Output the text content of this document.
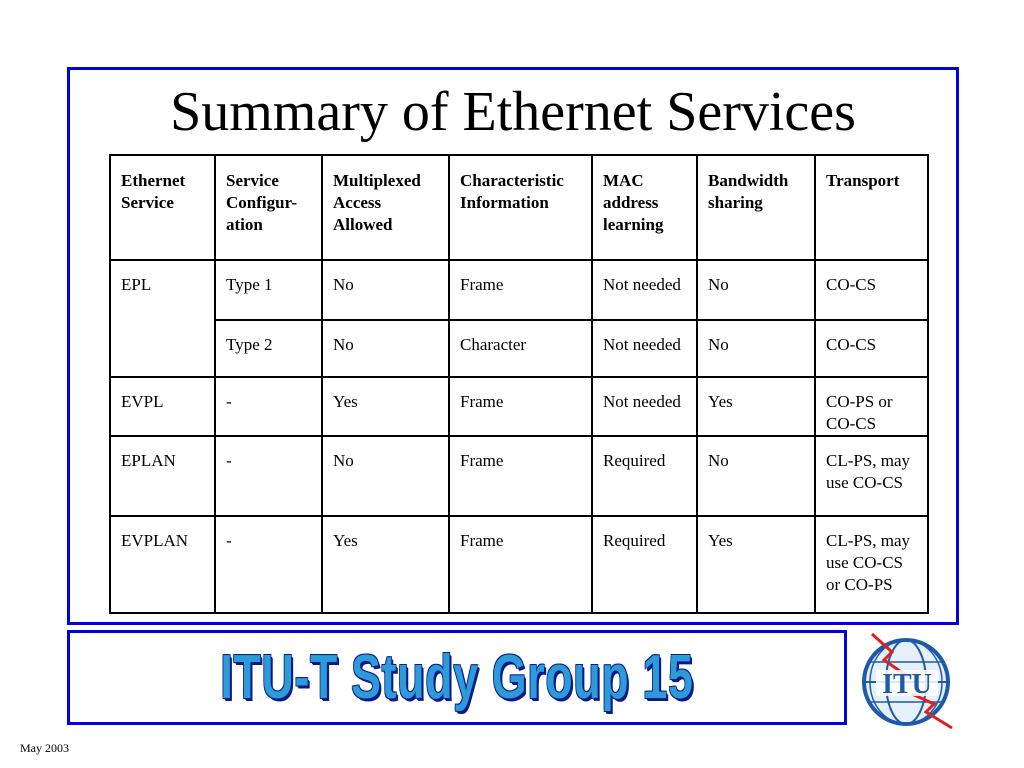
Summary of Ethernet Services
Ethernet Service	Service Configur-ation	Multiplexed Access Allowed	Characteristic Information	MAC address learning	Bandwidth sharing	Transport
EPL	Type 1	No	Frame	Not needed	No	CO-CS
	Type 2	No	Character	Not needed	No	CO-CS
EVPL	-	Yes	Frame	Not needed	Yes	CO-PS or CO-CS
EPLAN	-	No	Frame	Required	No	CL-PS, may use CO-CS
EVPLAN	-	Yes	Frame	Required	Yes	CL-PS, may use CO-CS or CO-PS
ITU-T Study Group 15	ITU
May 2003
